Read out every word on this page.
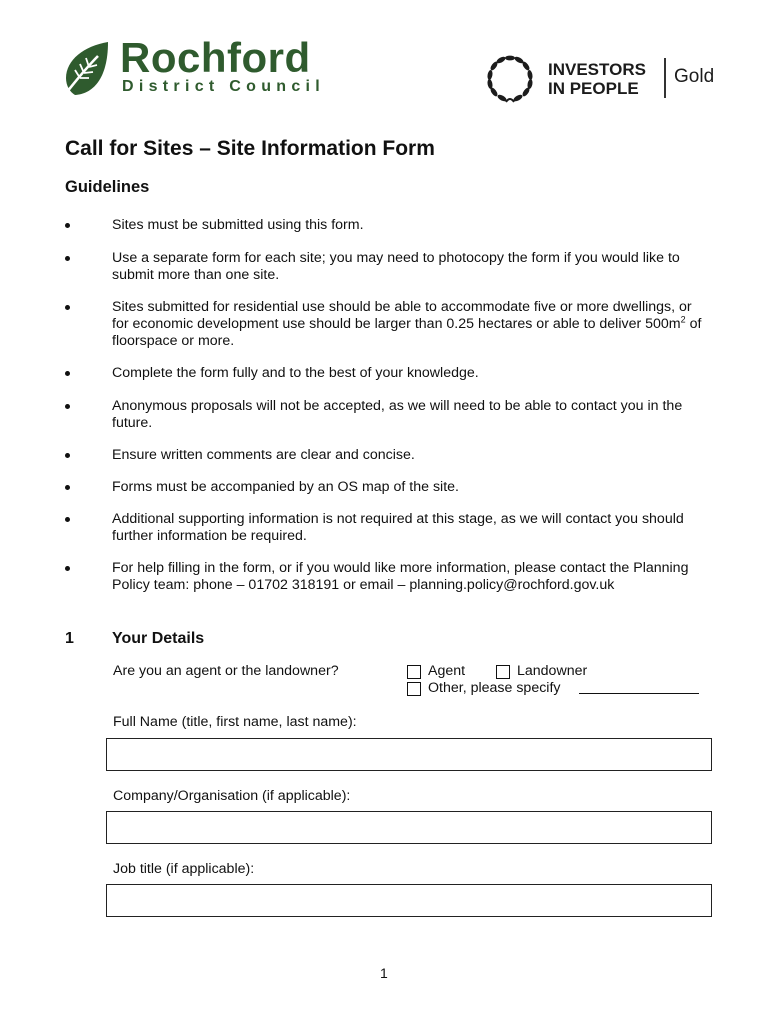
Rochford
District Council
INVESTORS
IN PEOPLE
Gold
Call for Sites – Site Information Form
Guidelines
Sites must be submitted using this form.
Use a separate form for each site; you may need to photocopy the form if you would like to submit more than one site.
Sites submitted for residential use should be able to accommodate five or more dwellings, or for economic development use should be larger than 0.25 hectares or able to deliver $500m^2$ of floorspace or more.
Complete the form fully and to the best of your knowledge.
Anonymous proposals will not be accepted, as we will need to be able to contact you in the future.
Ensure written comments are clear and concise.
Forms must be accompanied by an OS map of the site.
Additional supporting information is not required at this stage, as we will contact you should further information be required.
For help filling in the form, or if you would like more information, please contact the Planning Policy team: phone – 01702 318191 or email – planning.policy@rochford.gov.uk
1 Your Details
Are you an agent or the landowner?	Agent	Landowner
Other, please specify
Full Name (title, first name, last name):
Company/Organisation (if applicable):
Job title (if applicable):
1
